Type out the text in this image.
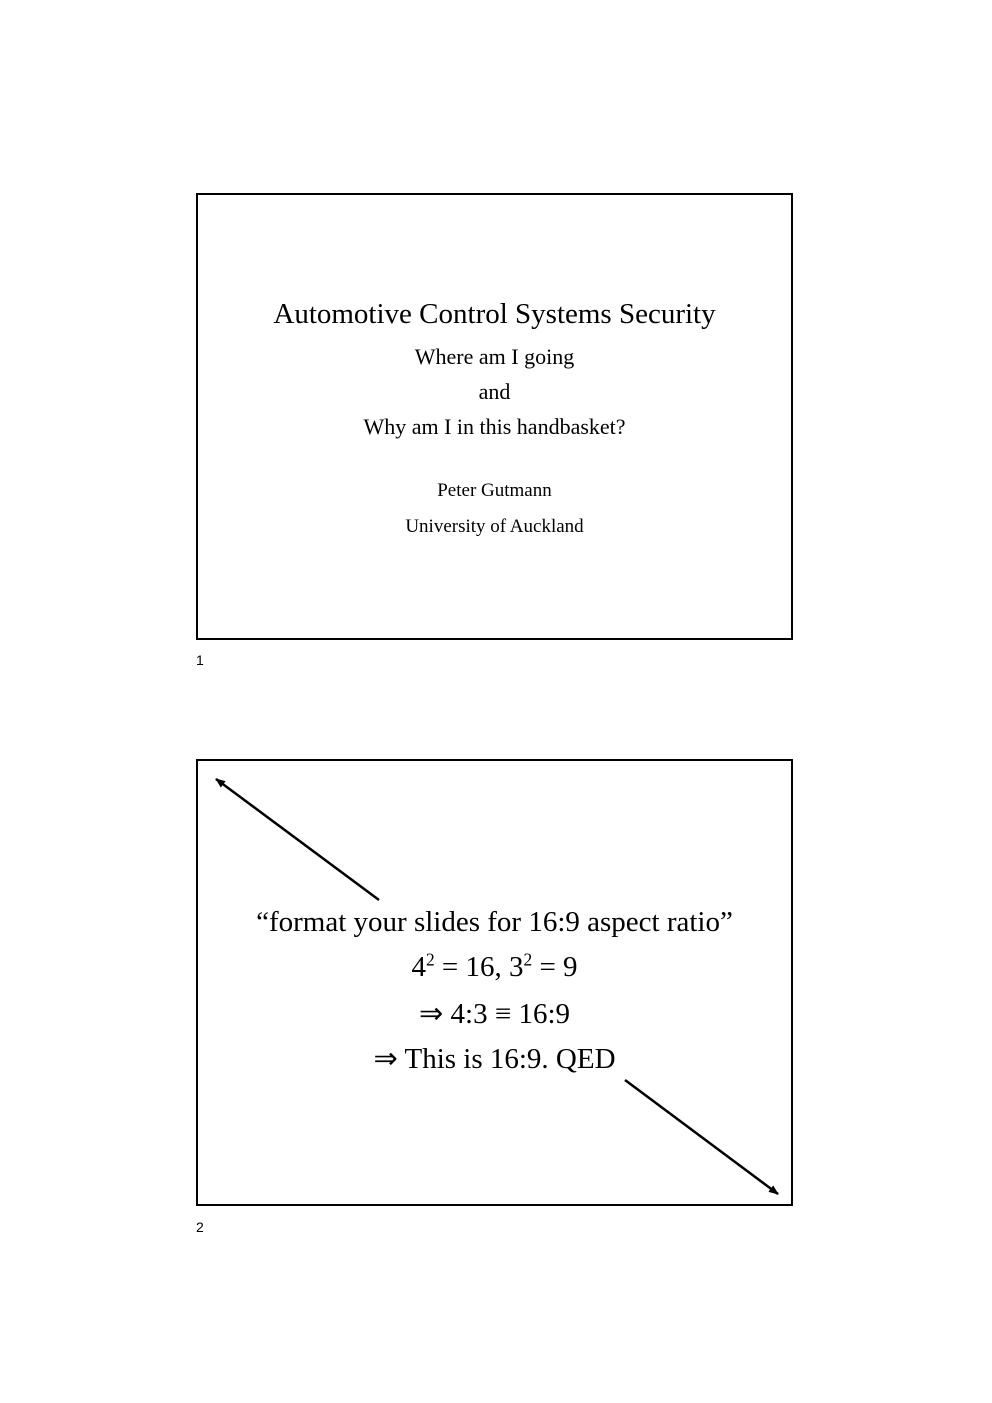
Automotive Control Systems Security
Where am I going
and
Why am I in this handbasket?
Peter Gutmann
University of Auckland
1
“format your slides for 16:9 aspect ratio”
$4^2 = 16$, $3^2 = 9$
⇒ 4:3 ≡ 16:9
⇒ This is 16:9. QED
2
